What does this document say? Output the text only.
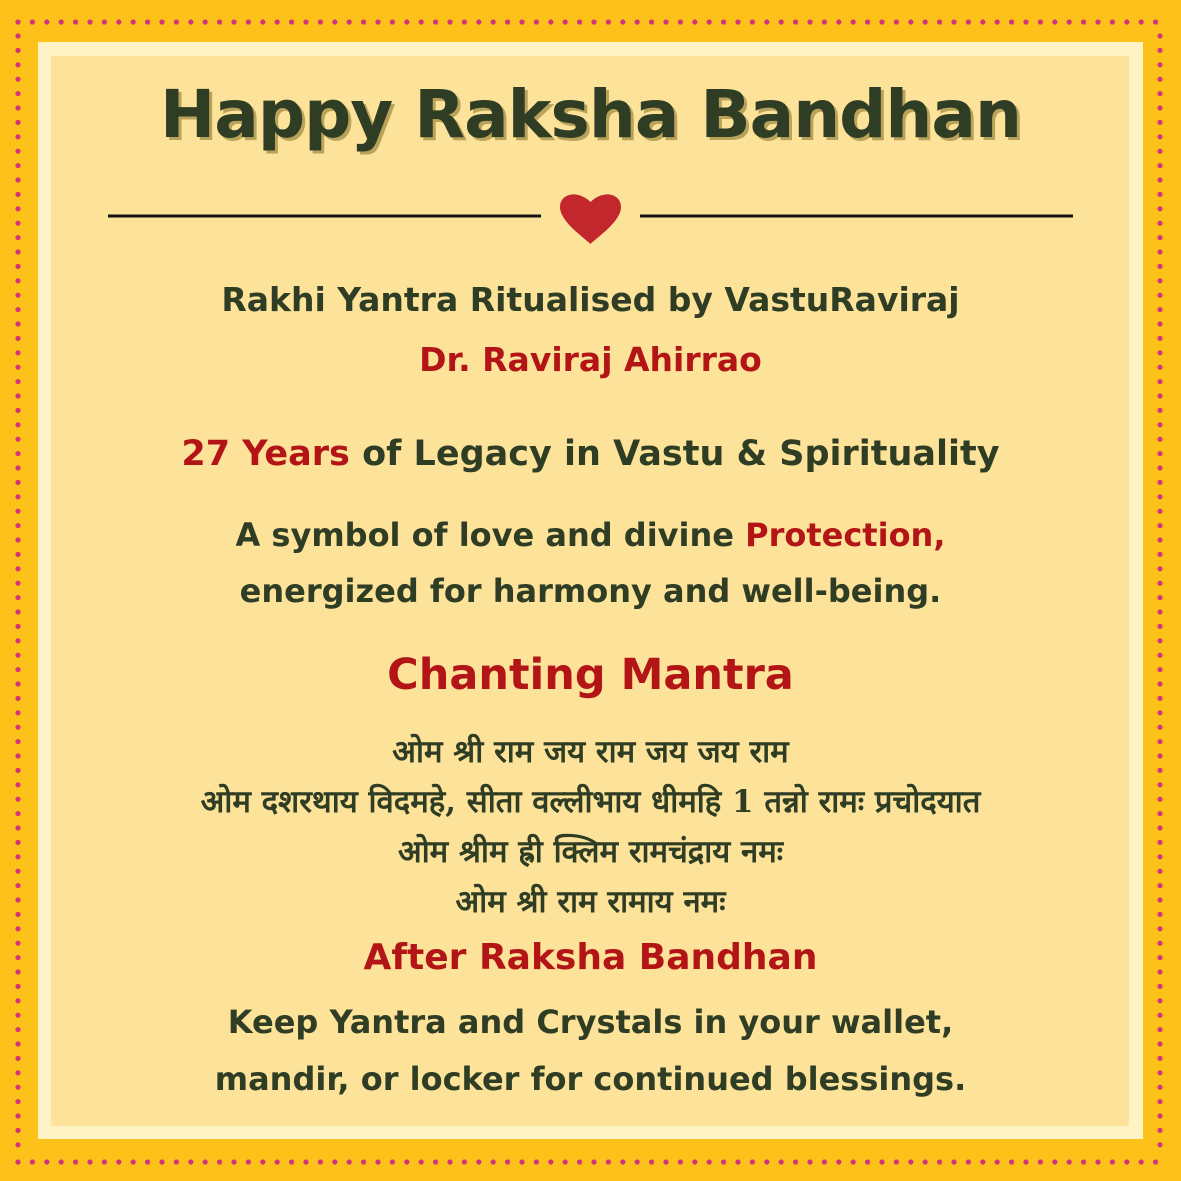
Happy Raksha Bandhan

Rakhi Yantra Ritualised by VastuRaviraj

Dr. Raviraj Ahirrao

27 Years of Legacy in Vastu & Spirituality

A symbol of love and divine Protection,

energized for harmony and well-being.

Chanting Mantra

ओम श्री राम जय राम जय जय राम

ओम दशरथाय विदमहे, सीता वल्लीभाय धीमहि 1 तन्नो रामः प्रचोदयात

ओम श्रीम ह्री क्लिम रामचंद्राय नमः

ओम श्री राम रामाय नमः

After Raksha Bandhan

Keep Yantra and Crystals in your wallet,

mandir, or locker for continued blessings.
